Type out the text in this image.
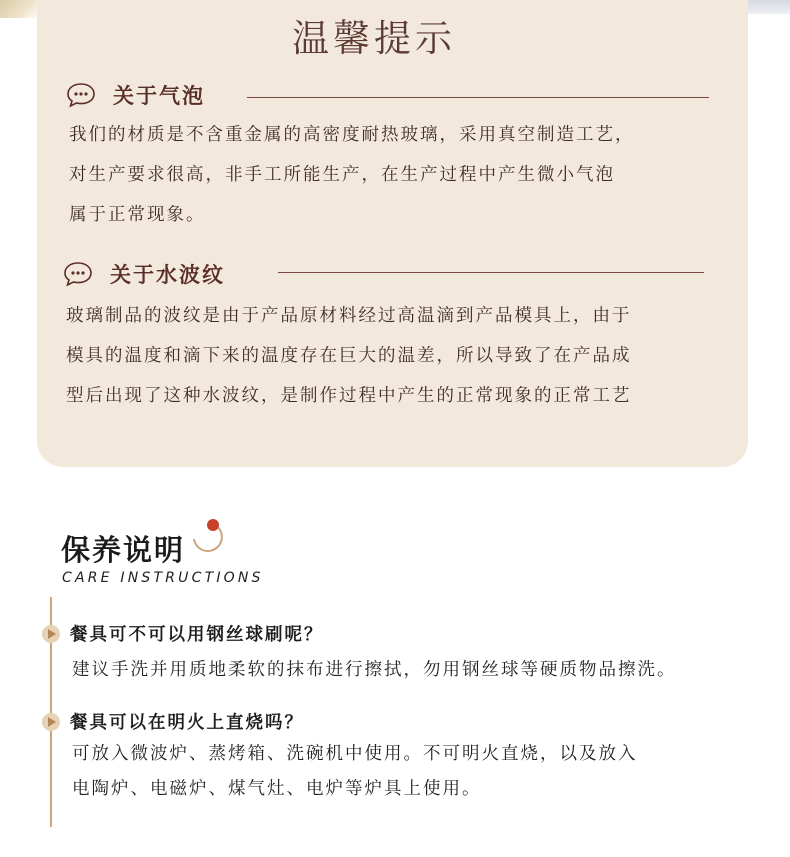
温馨提示
关于气泡
我们的材质是不含重金属的高密度耐热玻璃，采用真空制造工艺，
对生产要求很高，非手工所能生产，在生产过程中产生微小气泡
属于正常现象。
关于水波纹
玻璃制品的波纹是由于产品原材料经过高温滴到产品模具上，由于
模具的温度和滴下来的温度存在巨大的温差，所以导致了在产品成
型后出现了这种水波纹，是制作过程中产生的正常现象的正常工艺
保养说明
CARE INSTRUCTIONS
餐具可不可以用钢丝球刷呢？
建议手洗并用质地柔软的抹布进行擦拭，勿用钢丝球等硬质物品擦洗。
餐具可以在明火上直烧吗？
可放入微波炉、蒸烤箱、洗碗机中使用。不可明火直烧，以及放入
电陶炉、电磁炉、煤气灶、电炉等炉具上使用。
